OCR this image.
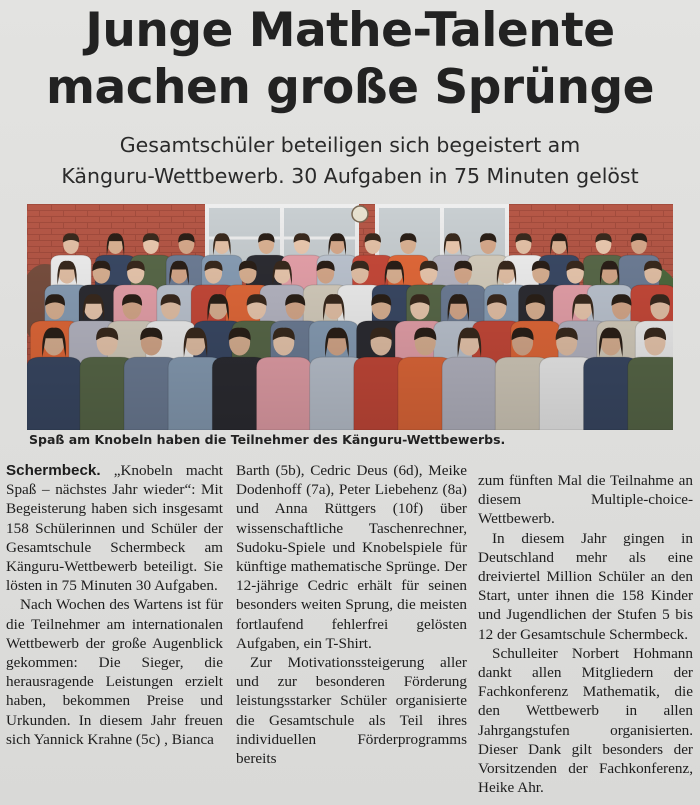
Junge Mathe-Talente
machen große Sprünge
Gesamtschüler beteiligen sich begeistert am
Känguru-Wettbewerb. 30 Aufgaben in 75 Minuten gelöst
Spaß am Knobeln haben die Teilnehmer des Känguru-Wettbewerbs.

Schermbeck. „Knobeln macht Spaß – nächstes Jahr wieder“: Mit Begeisterung haben sich insgesamt 158 Schülerinnen und Schüler der Gesamtschule Schermbeck am Känguru-Wettbewerb beteiligt. Sie lösten in 75 Minuten 30 Aufgaben.

Nach Wochen des Wartens ist für die Teilnehmer am internationalen Wettbewerb der große Augenblick gekommen: Die Sieger, die herausragende Leistungen erzielt haben, bekommen Preise und Urkunden. In diesem Jahr freuen sich Yannick Krahne (5c) , Bianca

Barth (5b), Cedric Deus (6d), Meike Dodenhoff (7a), Peter Liebehenz (8a) und Anna Rüttgers (10f) über wissenschaftliche Taschenrechner, Sudoku-Spiele und Knobelspiele für künftige mathematische Sprünge. Der 12-jährige Cedric erhält für seinen besonders weiten Sprung, die meisten fortlaufend fehlerfrei gelösten Aufgaben, ein T-Shirt.

Zur Motivationssteigerung aller und zur besonderen Förderung leistungsstarker Schüler organisierte die Gesamtschule als Teil ihres individuellen Förderprogramms bereits

zum fünften Mal die Teilnahme an diesem Multiple-choice-Wettbewerb.

In diesem Jahr gingen in Deutschland mehr als eine dreiviertel Million Schüler an den Start, unter ihnen die 158 Kinder und Jugendlichen der Stufen 5 bis 12 der Gesamtschule Schermbeck.

Schulleiter Norbert Hohmann dankt allen Mitgliedern der Fachkonferenz Mathematik, die den Wettbewerb in allen Jahrgangstufen organisierten. Dieser Dank gilt besonders der Vorsitzenden der Fachkonferenz, Heike Ahr.
